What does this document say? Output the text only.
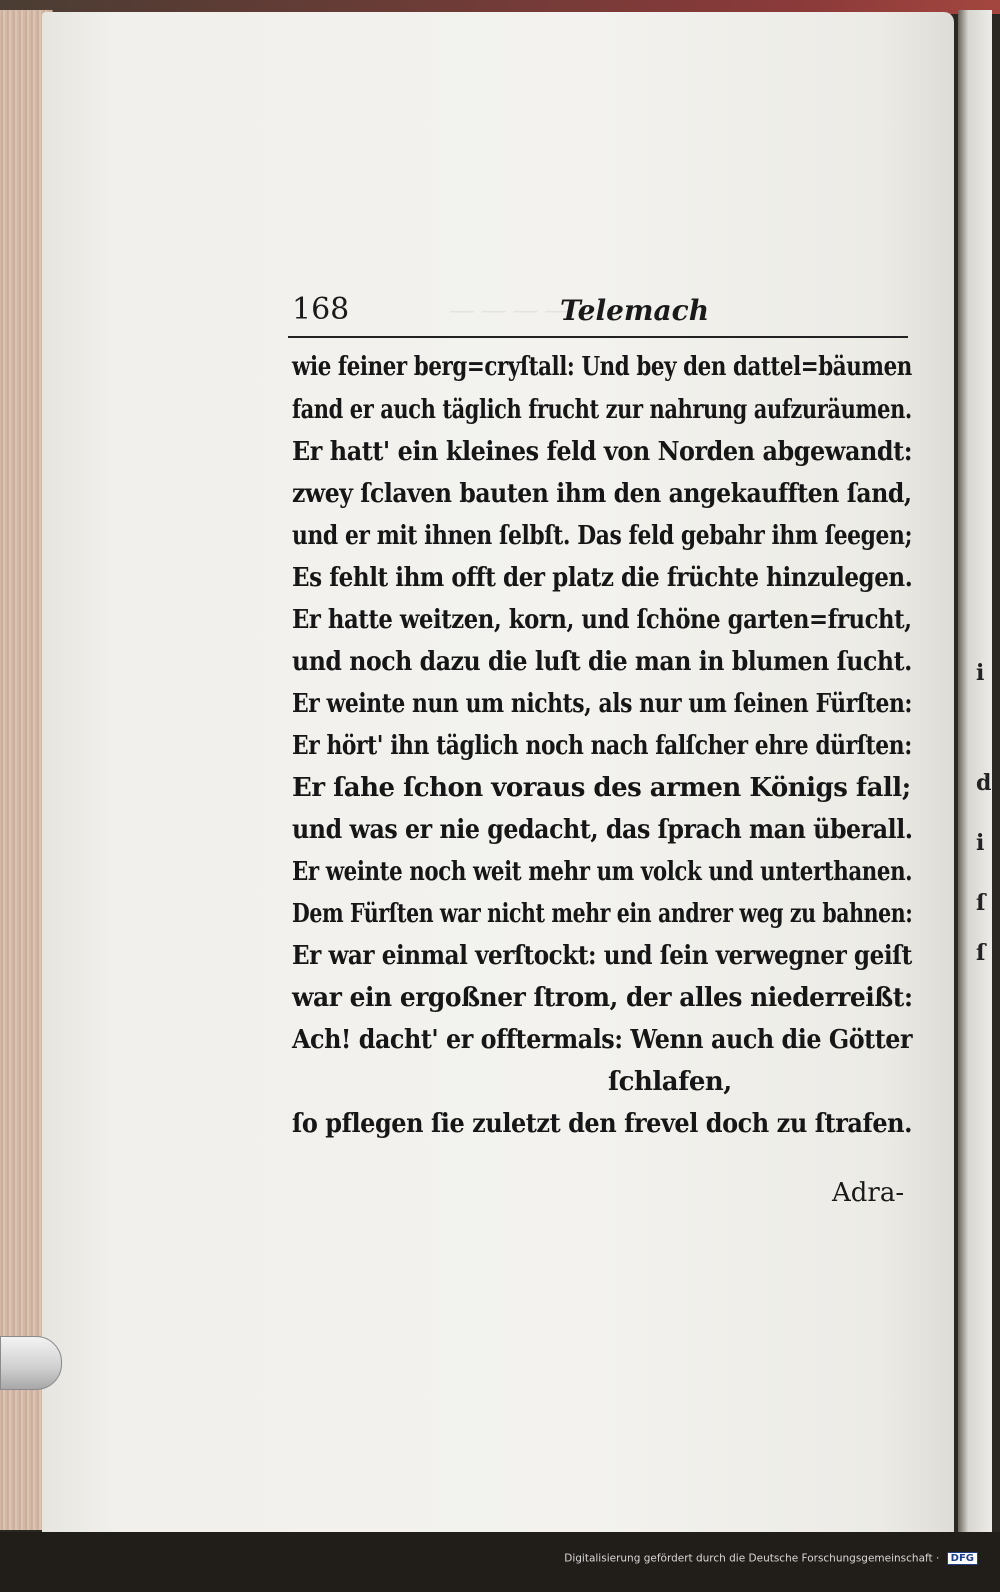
i
d
i
ſ
ſ
― ― ― ―
168	Telemach
wie feiner berg=cryſtall: Und bey den dattel=bäumen
fand er auch täglich frucht zur nahrung aufzuräumen.
Er hatt' ein kleines feld von Norden abgewandt:
zwey ſclaven bauten ihm den angekaufften ſand,
und er mit ihnen ſelbſt. Das feld gebahr ihm ſeegen;
Es fehlt ihm offt der platz die früchte hinzulegen.
Er hatte weitzen, korn, und ſchöne garten=frucht,
und noch dazu die luſt die man in blumen ſucht.
Er weinte nun um nichts, als nur um ſeinen Fürſten:
Er hört' ihn täglich noch nach falſcher ehre dürſten:
Er ſahe ſchon voraus des armen Königs fall;
und was er nie gedacht, das ſprach man überall.
Er weinte noch weit mehr um volck und unterthanen.
Dem Fürſten war nicht mehr ein andrer weg zu bahnen:
Er war einmal verſtockt: und ſein verwegner geiſt
war ein ergoßner ſtrom, der alles niederreißt:
Ach! dacht' er offtermals: Wenn auch die Götter
ſchlafen,
ſo pflegen ſie zuletzt den frevel doch zu ſtrafen.
Adra-
Digitalisierung gefördert durch die Deutsche Forschungsgemeinschaft · DFG
